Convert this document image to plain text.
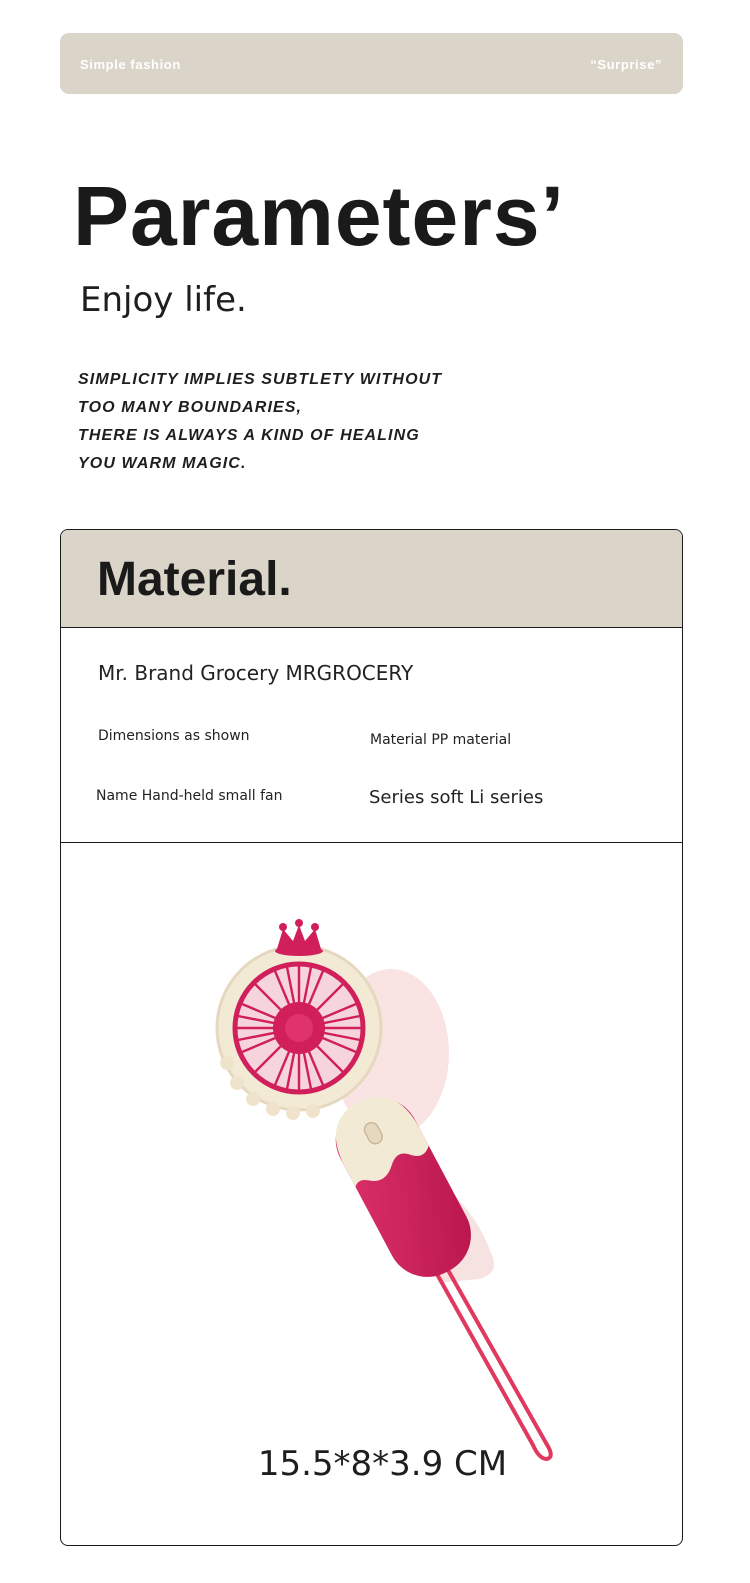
Simple fashion	“Surprise”
Parameters’
Enjoy life.
SIMPLICITY IMPLIES SUBTLETY WITHOUT
TOO MANY BOUNDARIES,
THERE IS ALWAYS A KIND OF HEALING
YOU WARM MAGIC.
Material.
Mr. Brand Grocery MRGROCERY
Dimensions as shown	Material PP material
Name Hand-held small fan	Series soft Li series
15.5*8*3.9 CM
